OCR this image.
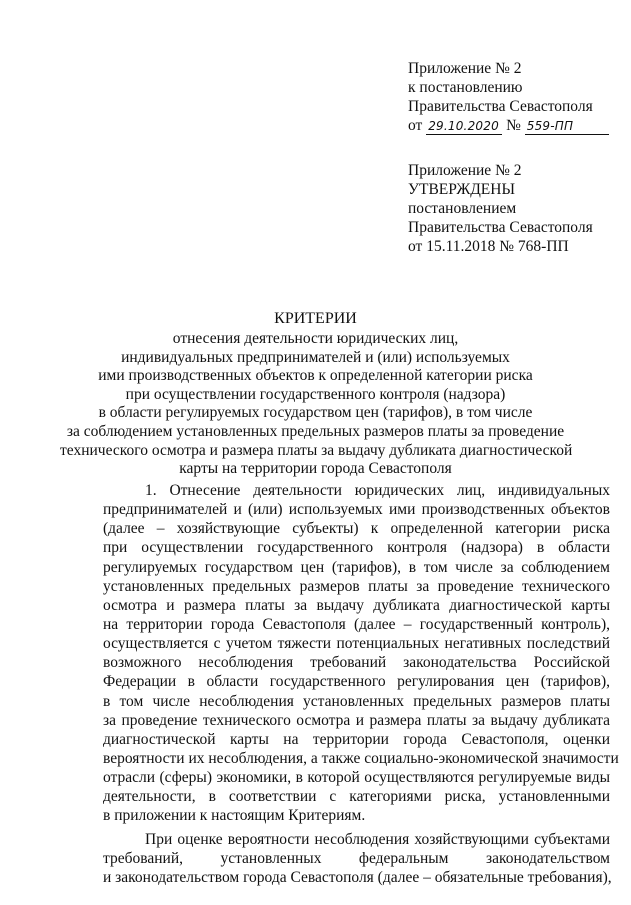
Приложение № 2
к постановлению
Правительства Севастополя
от 29.10.2020 № 559-ПП
Приложение № 2
УТВЕРЖДЕНЫ
постановлением
Правительства Севастополя
от 15.11.2018 № 768-ПП
КРИТЕРИИ
отнесения деятельности юридических лиц,
индивидуальных предпринимателей и (или) используемых
ими производственных объектов к определенной категории риска
при осуществлении государственного контроля (надзора)
в области регулируемых государством цен (тарифов), в том числе
за соблюдением установленных предельных размеров платы за проведение
технического осмотра и размера платы за выдачу дубликата диагностической
карты на территории города Севастополя
1. Отнесение деятельности юридических лиц, индивидуальных
предпринимателей и (или) используемых ими производственных объектов
(далее – хозяйствующие субъекты) к определенной категории риска
при осуществлении государственного контроля (надзора) в области
регулируемых государством цен (тарифов), в том числе за соблюдением
установленных предельных размеров платы за проведение технического
осмотра и размера платы за выдачу дубликата диагностической карты
на территории города Севастополя (далее – государственный контроль),
осуществляется с учетом тяжести потенциальных негативных последствий
возможного несоблюдения требований законодательства Российской
Федерации в области государственного регулирования цен (тарифов),
в том числе несоблюдения установленных предельных размеров платы
за проведение технического осмотра и размера платы за выдачу дубликата
диагностической карты на территории города Севастополя, оценки
вероятности их несоблюдения, а также социально-экономической значимости
отрасли (сферы) экономики, в которой осуществляются регулируемые виды
деятельности, в соответствии с категориями риска, установленными
в приложении к настоящим Критериям.
При оценке вероятности несоблюдения хозяйствующими субъектами
требований, установленных федеральным законодательством
и законодательством города Севастополя (далее – обязательные требования),
